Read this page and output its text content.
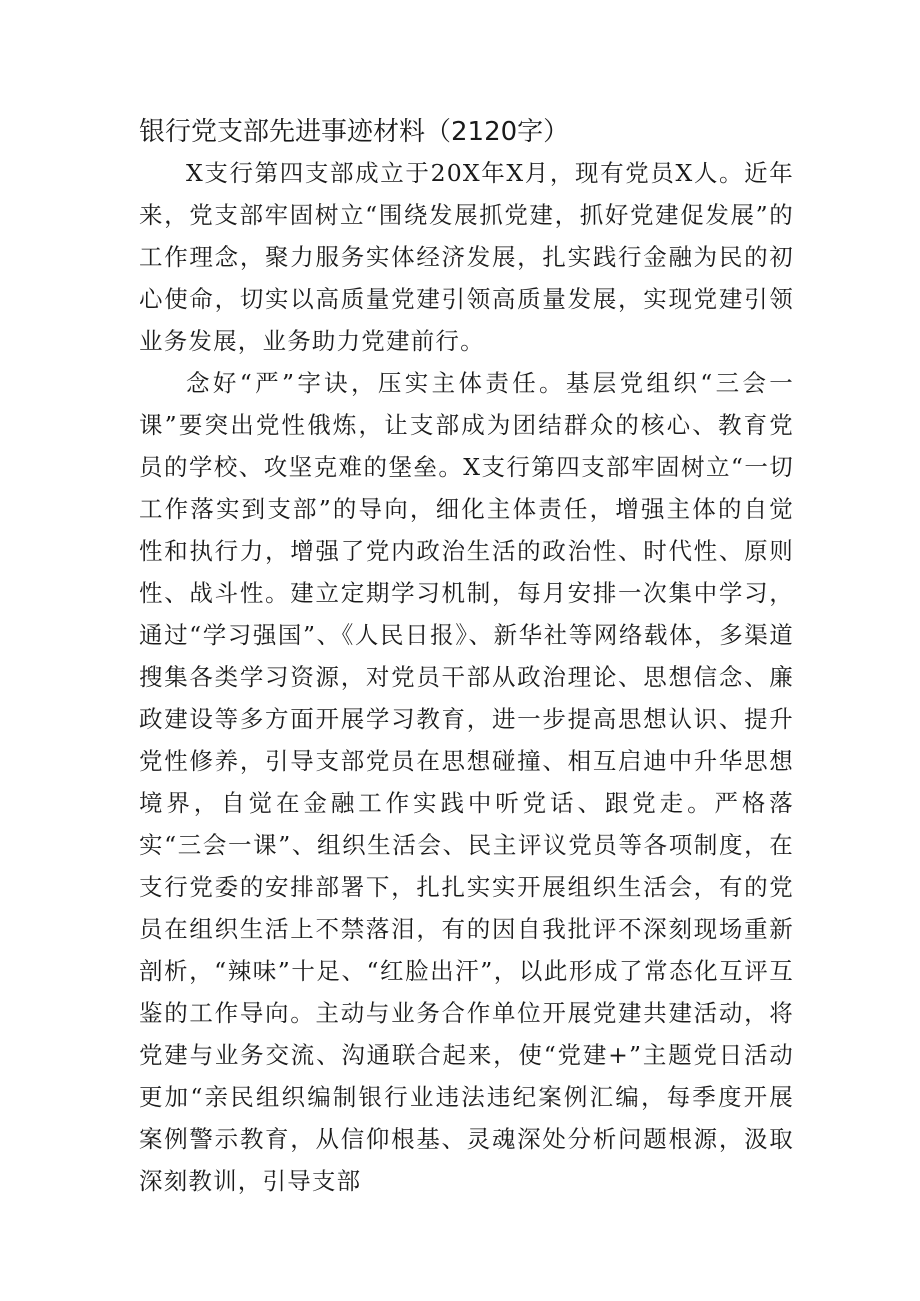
银行党支部先进事迹材料（2120字）

X支行第四支部成立于20X年X月，现有党员X人。近年来，党支部牢固树立“围绕发展抓党建，抓好党建促发展”的工作理念，聚力服务实体经济发展，扎实践行金融为民的初心使命，切实以高质量党建引领高质量发展，实现党建引领业务发展，业务助力党建前行。

念好“严”字诀，压实主体责任。基层党组织“三会一课”要突出党性俄炼，让支部成为团结群众的核心、教育党员的学校、攻坚克难的堡垒。X支行第四支部牢固树立“一切工作落实到支部”的导向，细化主体责任，增强主体的自觉性和执行力，增强了党内政治生活的政治性、时代性、原则性、战斗性。建立定期学习机制，每月安排一次集中学习，通过“学习强国”、《人民日报》、新华社等网络载体，多渠道搜集各类学习资源，对党员干部从政治理论、思想信念、廉政建设等多方面开展学习教育，进一步提高思想认识、提升党性修养，引导支部党员在思想碰撞、相互启迪中升华思想境界，自觉在金融工作实践中听党话、跟党走。严格落实“三会一课”、组织生活会、民主评议党员等各项制度，在支行党委的安排部署下，扎扎实实开展组织生活会，有的党员在组织生活上不禁落泪，有的因自我批评不深刻现场重新剖析，“辣味”十足、“红脸出汗”，以此形成了常态化互评互鉴的工作导向。主动与业务合作单位开展党建共建活动，将党建与业务交流、沟通联合起来，使“党建+”主题党日活动更加“亲民组织编制银行业违法违纪案例汇编，每季度开展案例警示教育，从信仰根基、灵魂深处分析问题根源，汲取深刻教训，引导支部
